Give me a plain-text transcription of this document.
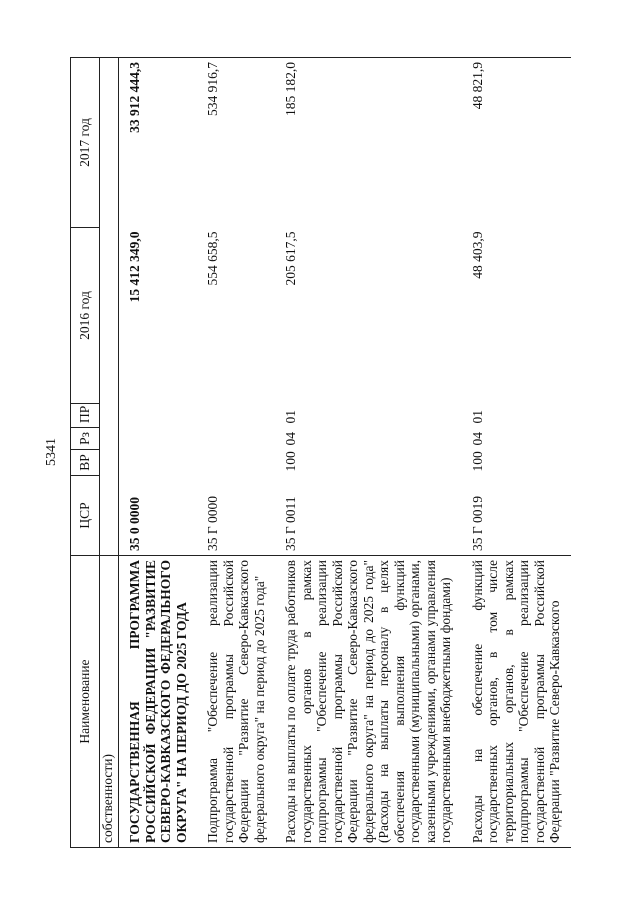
5341
Наименование	ЦСР	ВР	Рз	ПР	2016 год	2017 год
собственности)						
ГОСУДАРСТВЕННАЯ ПРОГРАММА РОССИЙСКОЙ ФЕДЕРАЦИИ "РАЗВИТИЕ СЕВЕРО-КАВКАЗСКОГО ФЕДЕРАЛЬНОГО ОКРУГА" НА ПЕРИОД ДО 2025 ГОДА	35 0 0000				15 412 349,0	33 912 444,3
Подпрограмма "Обеспечение реализации государственной программы Российской Федерации "Развитие Северо-Кавказского федерального округа" на период до 2025 года"	35 Г 0000				554 658,5	534 916,7
Расходы на выплаты по оплате труда работников государственных органов в рамках подпрограммы "Обеспечение реализации государственной программы Российской Федерации "Развитие Северо-Кавказского федерального округа" на период до 2025 года" (Расходы на выплаты персоналу в целях обеспечения выполнения функций государственными (муниципальными) органами, казенными учреждениями, органами управления государственными внебюджетными фондами)	35 Г 0011	100	04	01	205 617,5	185 182,0
Расходы на обеспечение функций государственных органов, в том числе территориальных органов, в рамках подпрограммы "Обеспечение реализации государственной программы Российской Федерации "Развитие Северо-Кавказского	35 Г 0019	100	04	01	48 403,9	48 821,9
